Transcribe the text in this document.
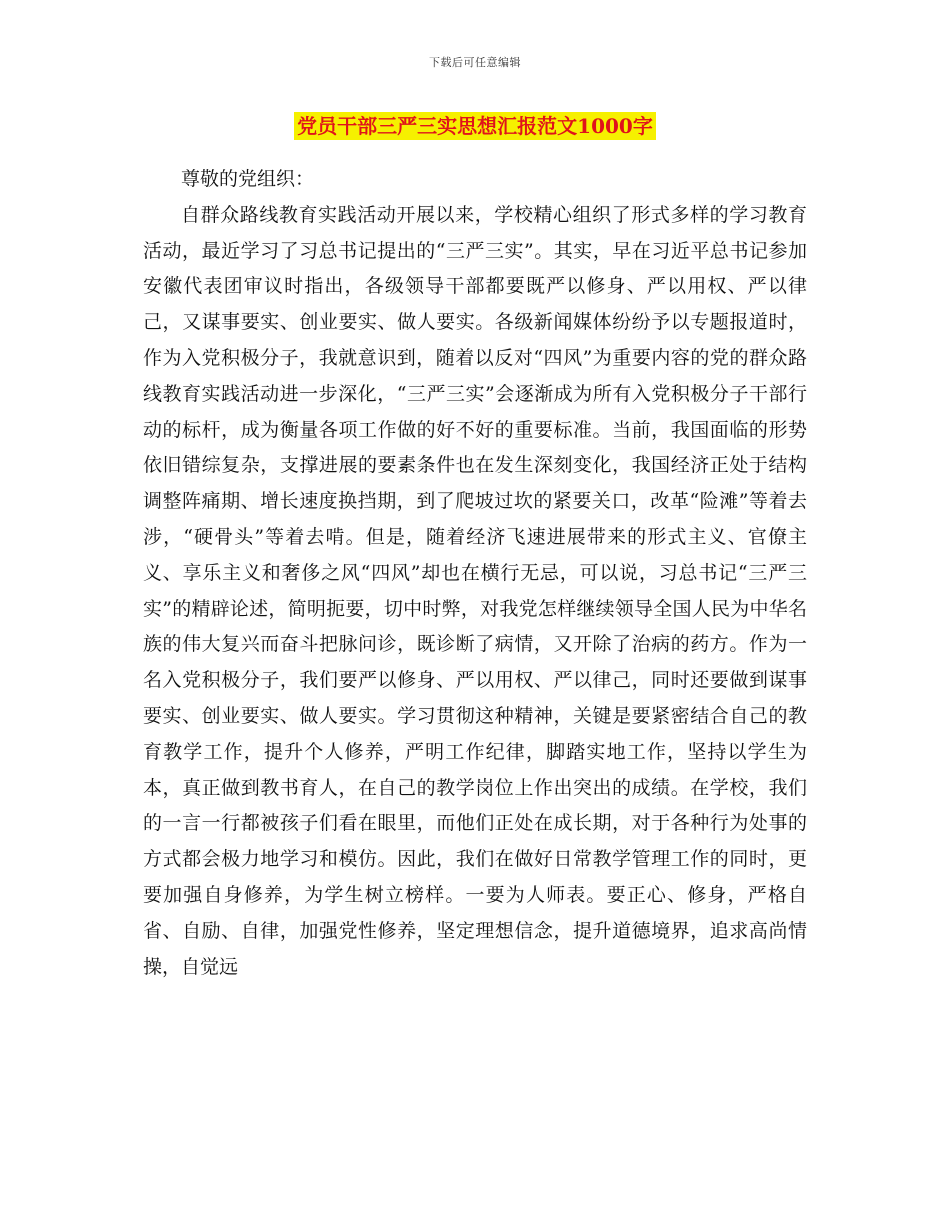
下载后可任意编辑
党员干部三严三实思想汇报范文1000字

尊敬的党组织：

自群众路线教育实践活动开展以来，学校精心组织了形式多样的学习教育活动，最近学习了习总书记提出的“三严三实”。其实，早在习近平总书记参加安徽代表团审议时指出，各级领导干部都要既严以修身、严以用权、严以律己，又谋事要实、创业要实、做人要实。各级新闻媒体纷纷予以专题报道时，作为入党积极分子，我就意识到，随着以反对“四风”为重要内容的党的群众路线教育实践活动进一步深化，“三严三实”会逐渐成为所有入党积极分子干部行动的标杆，成为衡量各项工作做的好不好的重要标准。当前，我国面临的形势依旧错综复杂，支撑进展的要素条件也在发生深刻变化，我国经济正处于结构调整阵痛期、增长速度换挡期，到了爬坡过坎的紧要关口，改革“险滩”等着去涉，“硬骨头”等着去啃。但是，随着经济飞速进展带来的形式主义、官僚主义、享乐主义和奢侈之风“四风”却也在横行无忌，可以说，习总书记“三严三实”的精辟论述，简明扼要，切中时弊，对我党怎样继续领导全国人民为中华名族的伟大复兴而奋斗把脉问诊，既诊断了病情，又开除了治病的药方。作为一名入党积极分子，我们要严以修身、严以用权、严以律己，同时还要做到谋事要实、创业要实、做人要实。学习贯彻这种精神，关键是要紧密结合自己的教育教学工作，提升个人修养，严明工作纪律，脚踏实地工作，坚持以学生为本，真正做到教书育人，在自己的教学岗位上作出突出的成绩。在学校，我们的一言一行都被孩子们看在眼里，而他们正处在成长期，对于各种行为处事的方式都会极力地学习和模仿。因此，我们在做好日常教学管理工作的同时，更要加强自身修养，为学生树立榜样。一要为人师表。要正心、修身，严格自省、自励、自律，加强党性修养，坚定理想信念，提升道德境界，追求高尚情操，自觉远
